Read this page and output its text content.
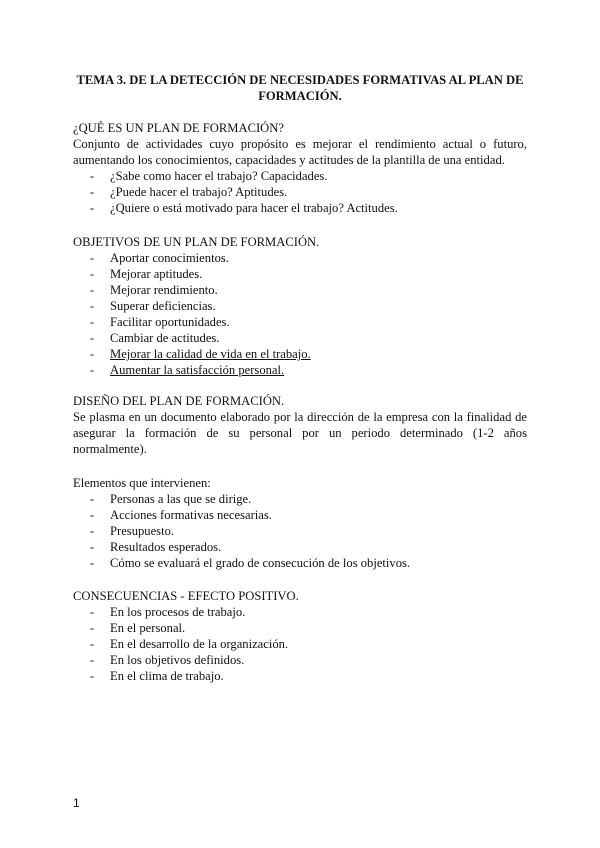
TEMA 3. DE LA DETECCIÓN DE NECESIDADES FORMATIVAS AL PLAN DE FORMACIÓN.
¿QUÉ ES UN PLAN DE FORMACIÓN?
Conjunto de actividades cuyo propósito es mejorar el rendimiento actual o futuro, aumentando los conocimientos, capacidades y actitudes de la plantilla de una entidad.
- ¿Sabe como hacer el trabajo? Capacidades.
- ¿Puede hacer el trabajo? Aptitudes.
- ¿Quiere o está motivado para hacer el trabajo? Actitudes.
OBJETIVOS DE UN PLAN DE FORMACIÓN.
- Aportar conocimientos.
- Mejorar aptitudes.
- Mejorar rendimiento.
- Superar deficiencias.
- Facilitar oportunidades.
- Cambiar de actitudes.
- Mejorar la calidad de vida en el trabajo.
- Aumentar la satisfacción personal.
DISEÑO DEL PLAN DE FORMACIÓN.
Se plasma en un documento elaborado por la dirección de la empresa con la finalidad de asegurar la formación de su personal por un periodo determinado (1-2 años normalmente).
Elementos que intervienen:
- Personas a las que se dirige.
- Acciones formativas necesarias.
- Presupuesto.
- Resultados esperados.
- Cómo se evaluará el grado de consecución de los objetivos.
CONSECUENCIAS - EFECTO POSITIVO.
- En los procesos de trabajo.
- En el personal.
- En el desarrollo de la organización.
- En los objetivos definidos.
- En el clima de trabajo.
1
